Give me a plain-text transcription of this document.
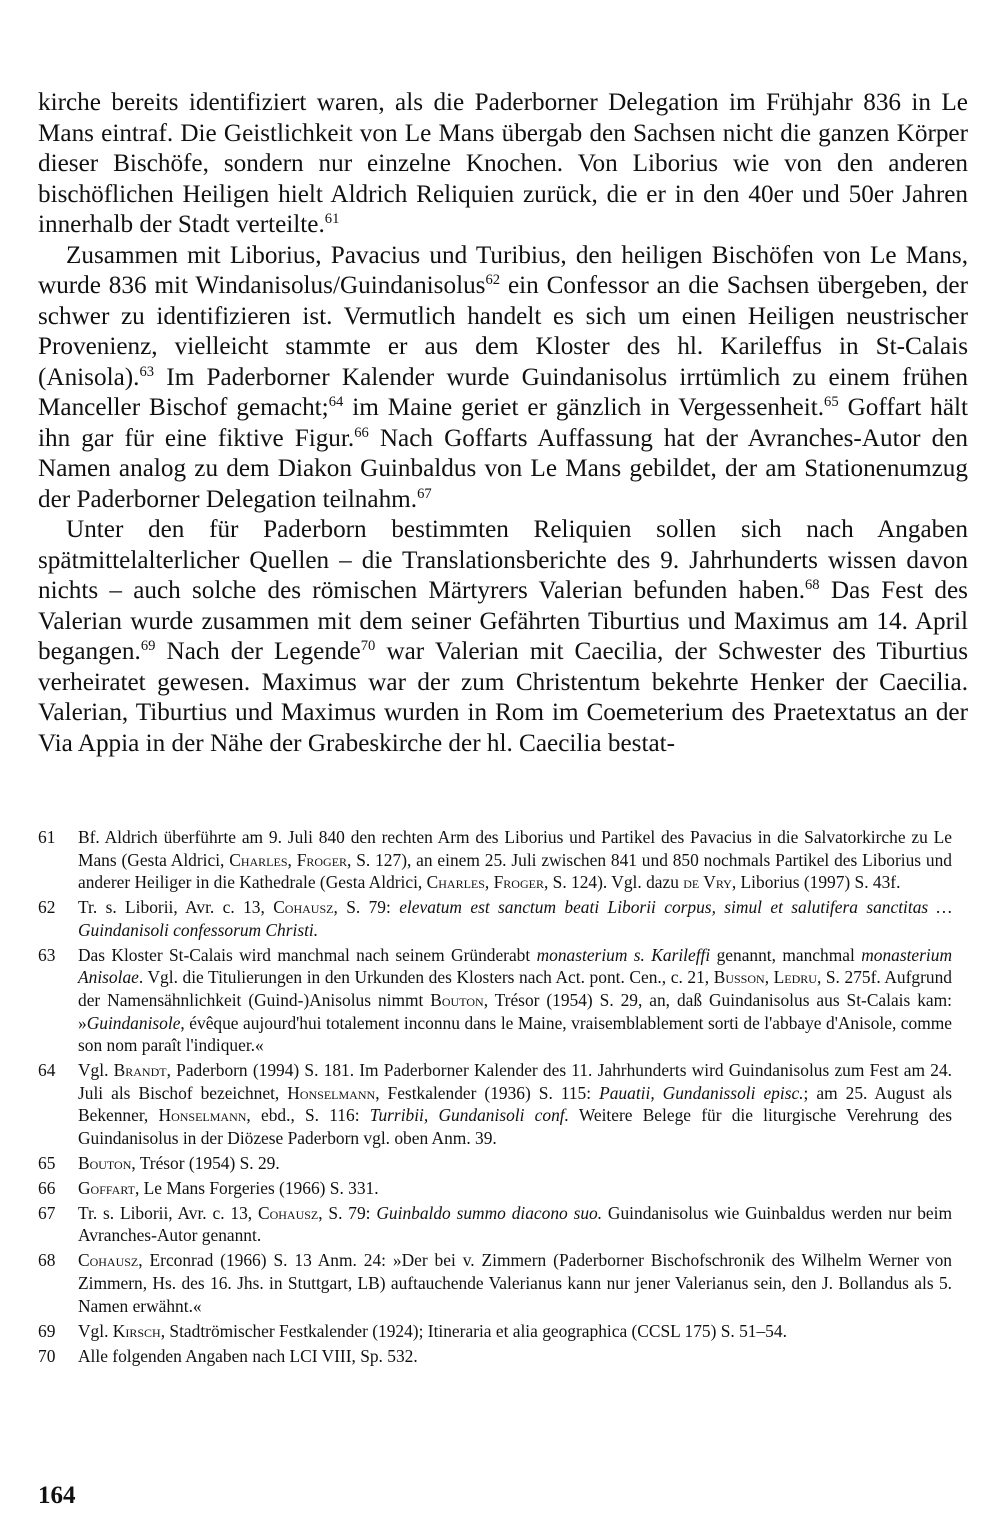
kirche bereits identifiziert waren, als die Paderborner Delegation im Frühjahr 836 in Le Mans eintraf. Die Geistlichkeit von Le Mans übergab den Sachsen nicht die ganzen Körper dieser Bischöfe, sondern nur einzelne Knochen. Von Liborius wie von den anderen bischöflichen Heiligen hielt Aldrich Reliquien zurück, die er in den 40er und 50er Jahren innerhalb der Stadt verteilte.$^{61}$

Zusammen mit Liborius, Pavacius und Turibius, den heiligen Bischöfen von Le Mans, wurde 836 mit Windanisolus/Guindanisolus$^{62}$ ein Confessor an die Sachsen übergeben, der schwer zu identifizieren ist. Vermutlich handelt es sich um einen Heiligen neustrischer Provenienz, vielleicht stammte er aus dem Kloster des hl. Karileffus in St-Calais (Anisola).$^{63}$ Im Paderborner Kalender wurde Guindanisolus irrtümlich zu einem frühen Manceller Bischof gemacht;$^{64}$ im Maine geriet er gänzlich in Vergessenheit.$^{65}$ Goffart hält ihn gar für eine fiktive Figur.$^{66}$ Nach Goffarts Auffassung hat der Avranches-Autor den Namen analog zu dem Diakon Guinbaldus von Le Mans gebildet, der am Stationenumzug der Paderborner Delegation teilnahm.$^{67}$

Unter den für Paderborn bestimmten Reliquien sollen sich nach Angaben spätmittelalterlicher Quellen – die Translationsberichte des 9. Jahrhunderts wissen davon nichts – auch solche des römischen Märtyrers Valerian befunden haben.$^{68}$ Das Fest des Valerian wurde zusammen mit dem seiner Gefährten Tiburtius und Maximus am 14. April begangen.$^{69}$ Nach der Legende$^{70}$ war Valerian mit Caecilia, der Schwester des Tiburtius verheiratet gewesen. Maximus war der zum Christentum bekehrte Henker der Caecilia. Valerian, Tiburtius und Maximus wurden in Rom im Coemeterium des Praetextatus an der Via Appia in der Nähe der Grabeskirche der hl. Caecilia bestat-

61	Bf. Aldrich überführte am 9. Juli 840 den rechten Arm des Liborius und Partikel des Pavacius in die Salvatorkirche zu Le Mans (Gesta Aldrici, Charles, Froger, S. 127), an einem 25. Juli zwischen 841 und 850 nochmals Partikel des Liborius und anderer Heiliger in die Kathedrale (Gesta Aldrici, Charles, Froger, S. 124). Vgl. dazu de Vry, Liborius (1997) S. 43f.
62	Tr. s. Liborii, Avr. c. 13, Cohausz, S. 79: elevatum est sanctum beati Liborii corpus, simul et salutifera sanctitas … Guindanisoli confessorum Christi.
63	Das Kloster St-Calais wird manchmal nach seinem Gründerabt monasterium s. Karileffi genannt, manchmal monasterium Anisolae. Vgl. die Titulierungen in den Urkunden des Klosters nach Act. pont. Cen., c. 21, Busson, Ledru, S. 275f. Aufgrund der Namensähnlichkeit (Guind-)Anisolus nimmt Bouton, Trésor (1954) S. 29, an, daß Guindanisolus aus St-Calais kam: »Guindanisole, évêque aujourd'hui totalement inconnu dans le Maine, vraisemblablement sorti de l'abbaye d'Anisole, comme son nom paraît l'indiquer.«
64	Vgl. Brandt, Paderborn (1994) S. 181. Im Paderborner Kalender des 11. Jahrhunderts wird Guindanisolus zum Fest am 24. Juli als Bischof bezeichnet, Honselmann, Festkalender (1936) S. 115: Pauatii, Gundanissoli episc.; am 25. August als Bekenner, Honselmann, ebd., S. 116: Turribii, Gundanisoli conf. Weitere Belege für die liturgische Verehrung des Guindanisolus in der Diözese Paderborn vgl. oben Anm. 39.
65	Bouton, Trésor (1954) S. 29.
66	Goffart, Le Mans Forgeries (1966) S. 331.
67	Tr. s. Liborii, Avr. c. 13, Cohausz, S. 79: Guinbaldo summo diacono suo. Guindanisolus wie Guinbaldus werden nur beim Avranches-Autor genannt.
68	Cohausz, Erconrad (1966) S. 13 Anm. 24: »Der bei v. Zimmern (Paderborner Bischofschronik des Wilhelm Werner von Zimmern, Hs. des 16. Jhs. in Stuttgart, LB) auftauchende Valerianus kann nur jener Valerianus sein, den J. Bollandus als 5. Namen erwähnt.«
69	Vgl. Kirsch, Stadtrömischer Festkalender (1924); Itineraria et alia geographica (CCSL 175) S. 51–54.
70	Alle folgenden Angaben nach LCI VIII, Sp. 532.
164
